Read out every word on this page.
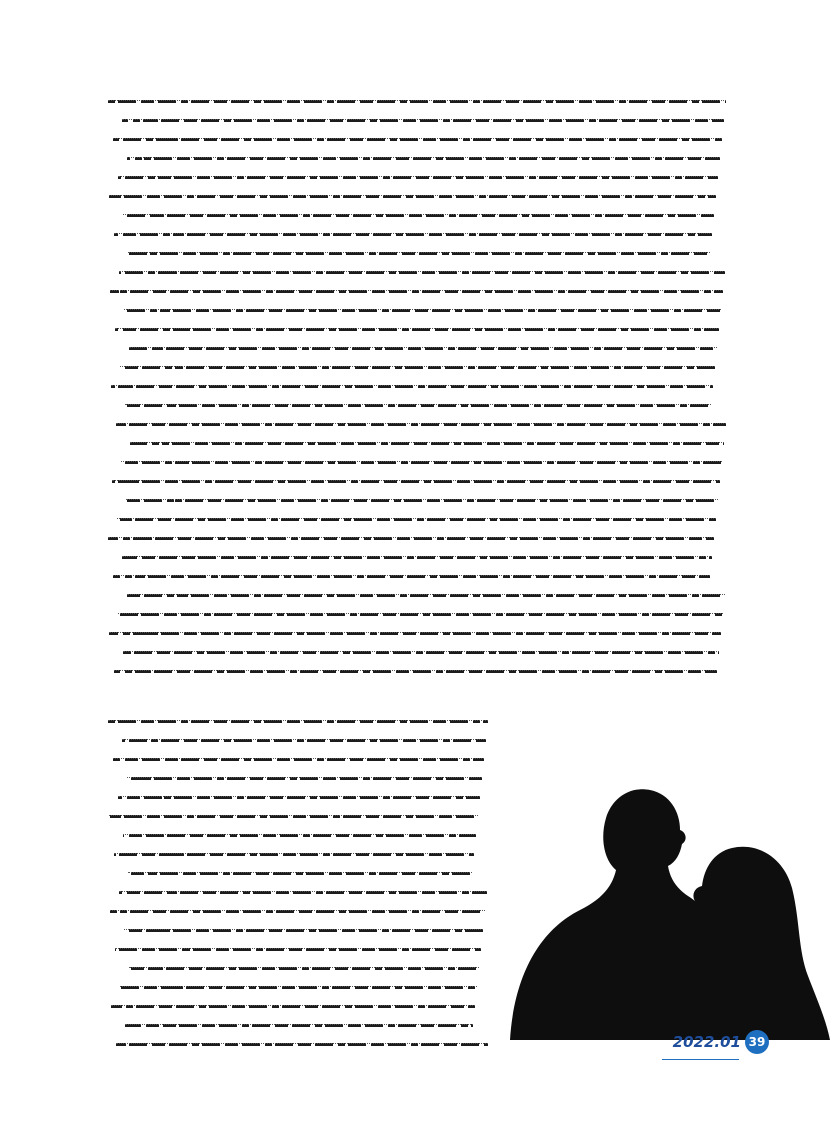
2022.01 39
